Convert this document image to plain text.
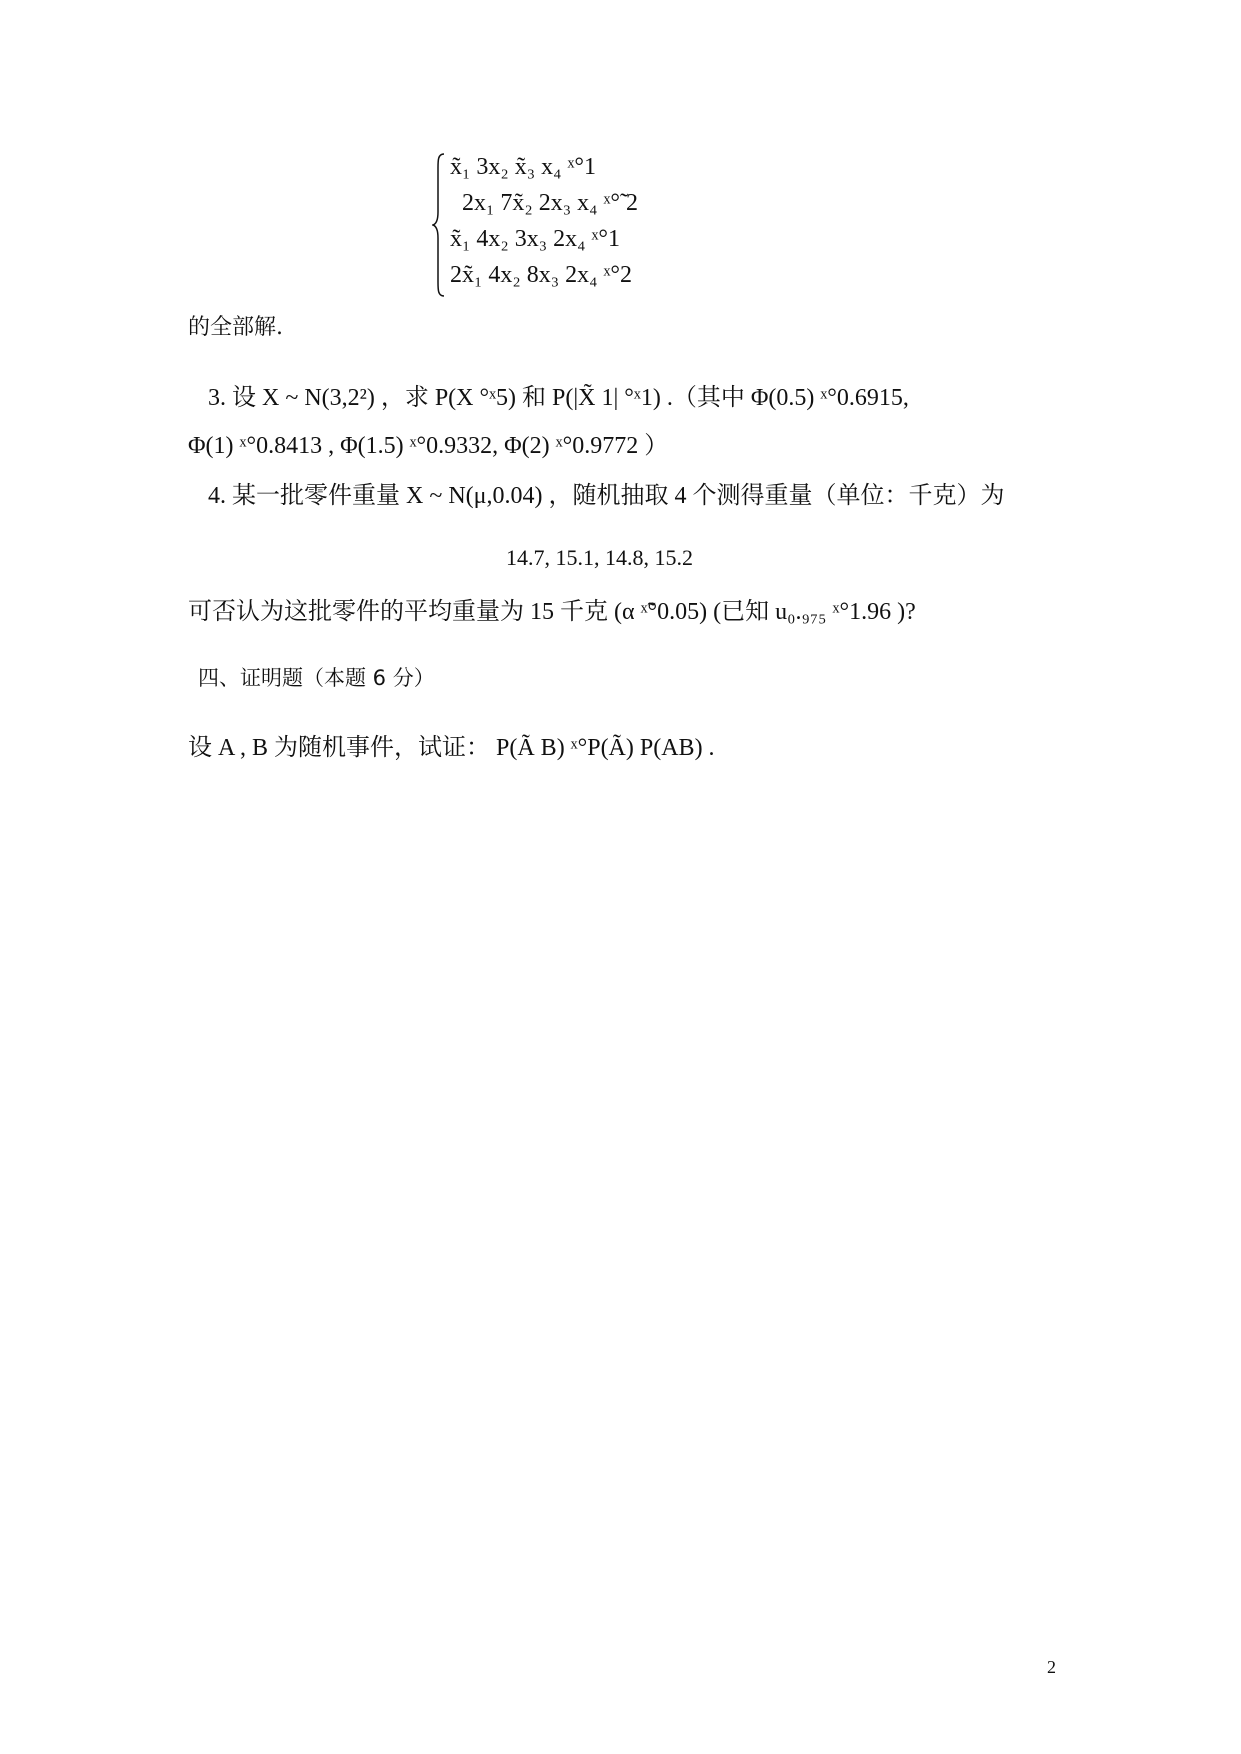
x̃₁ 3x₂ x̃₃ x₄ ˣ°1
2x₁ 7x̃₂ 2x₃ x₄ ˣ°̃ 2
x̃₁ 4x₂ 3x₃ 2x₄ ˣ°1
2x̃₁ 4x₂ 8x₃ 2x₄ ˣ°2
的全部解.
3. 设 X ~ N(3,2²) ，求 P(X °ˣ5) 和 P(|X̃ 1| °ˣ1) .（其中 Φ(0.5) ˣ°0.6915,
Φ(1) ˣ°0.8413 , Φ(1.5) ˣ°0.9332, Φ(2) ˣ°0.9772 ）
4. 某一批零件重量 X ~ N(μ,0.04) ，随机抽取 4 个测得重量（单位：千克）为
14.7, 15.1, 14.8, 15.2
可否认为这批零件的平均重量为 15 千克 (α ˣ̃°0.05) (已知 u₀.₉₇₅ ˣ°1.96 )?
四、证明题（本题 6 分）
设 A , B 为随机事件，试证： P(Ã B) ˣ°P(Ã) P(AB) .
2
